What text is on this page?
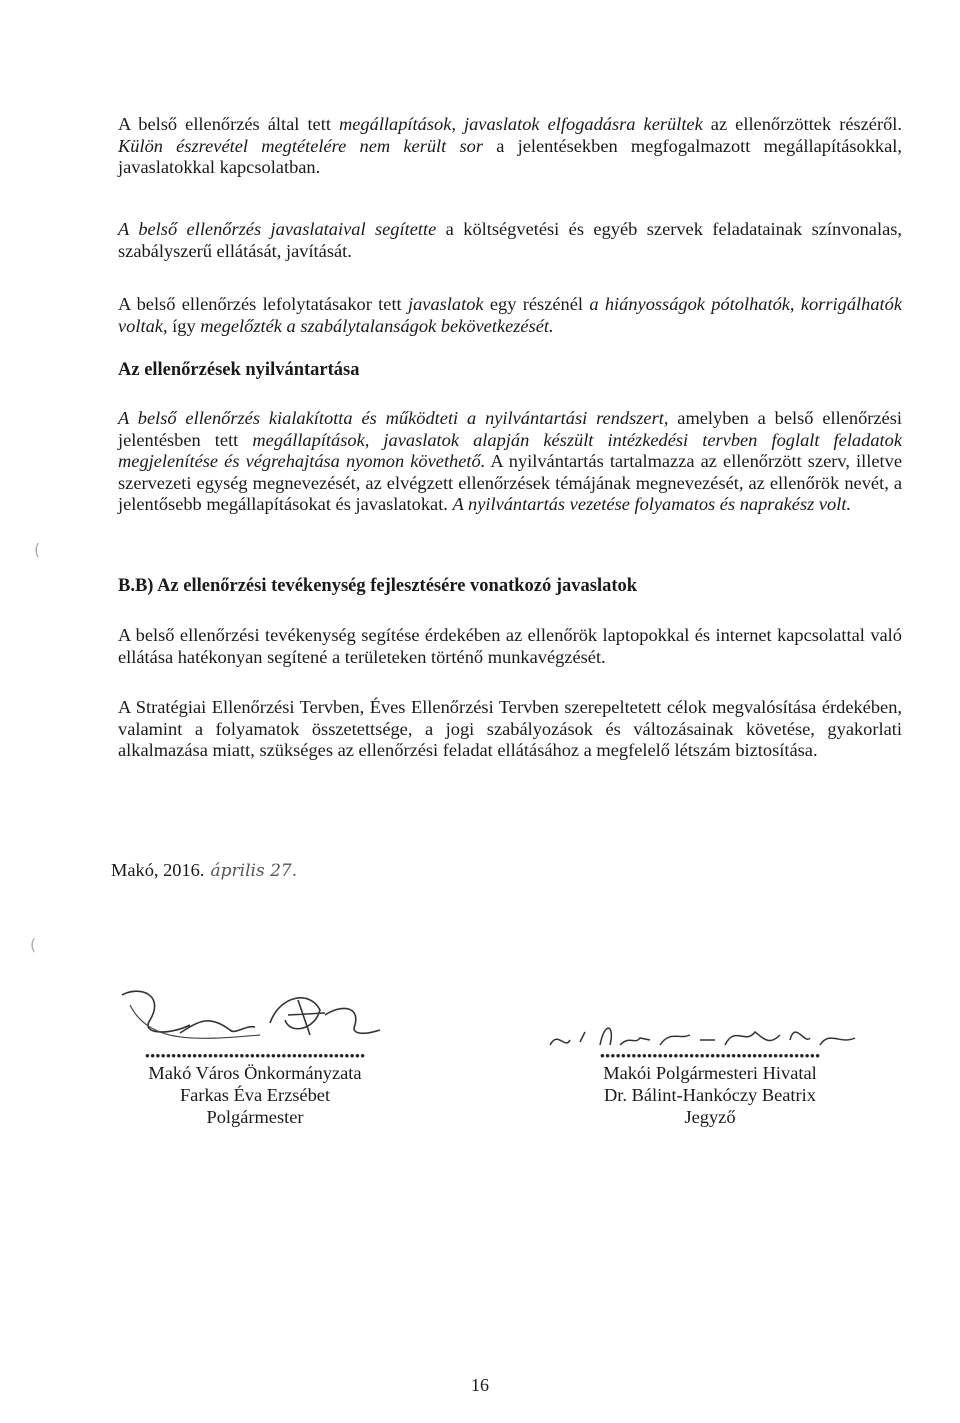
A belső ellenőrzés által tett megállapítások, javaslatok elfogadásra kerültek az ellenőrzöttek részéről. Külön észrevétel megtételére nem került sor a jelentésekben megfogalmazott megállapításokkal, javaslatokkal kapcsolatban.

A belső ellenőrzés javaslataival segítette a költségvetési és egyéb szervek feladatainak színvonalas, szabályszerű ellátását, javítását.

A belső ellenőrzés lefolytatásakor tett javaslatok egy részénél a hiányosságok pótolhatók, korrigálhatók voltak, így megelőzték a szabálytalanságok bekövetkezését.

Az ellenőrzések nyilvántartása

A belső ellenőrzés kialakította és működteti a nyilvántartási rendszert, amelyben a belső ellenőrzési jelentésben tett megállapítások, javaslatok alapján készült intézkedési tervben foglalt feladatok megjelenítése és végrehajtása nyomon követhető. A nyilvántartás tartalmazza az ellenőrzött szerv, illetve szervezeti egység megnevezését, az elvégzett ellenőrzések témájának megnevezését, az ellenőrök nevét, a jelentősebb megállapításokat és javaslatokat. A nyilvántartás vezetése folyamatos és naprakész volt.

B.B) Az ellenőrzési tevékenység fejlesztésére vonatkozó javaslatok

A belső ellenőrzési tevékenység segítése érdekében az ellenőrök laptopokkal és internet kapcsolattal való ellátása hatékonyan segítené a területeken történő munkavégzését.

A Stratégiai Ellenőrzési Tervben, Éves Ellenőrzési Tervben szerepeltetett célok megvalósítása érdekében, valamint a folyamatok összetettsége, a jogi szabályozások és változásainak követése, gyakorlati alkalmazása miatt, szükséges az ellenőrzési feladat ellátásához a megfelelő létszám biztosítása.

Makó, 2016. április 27.
••••••••••••••••••••••••••••••••••••••••••
Makó Város Önkormányzata
Farkas Éva Erzsébet
Polgármester
••••••••••••••••••••••••••••••••••••••••••
Makói Polgármesteri Hivatal
Dr. Bálint-Hankóczy Beatrix
Jegyző
(
(
16
